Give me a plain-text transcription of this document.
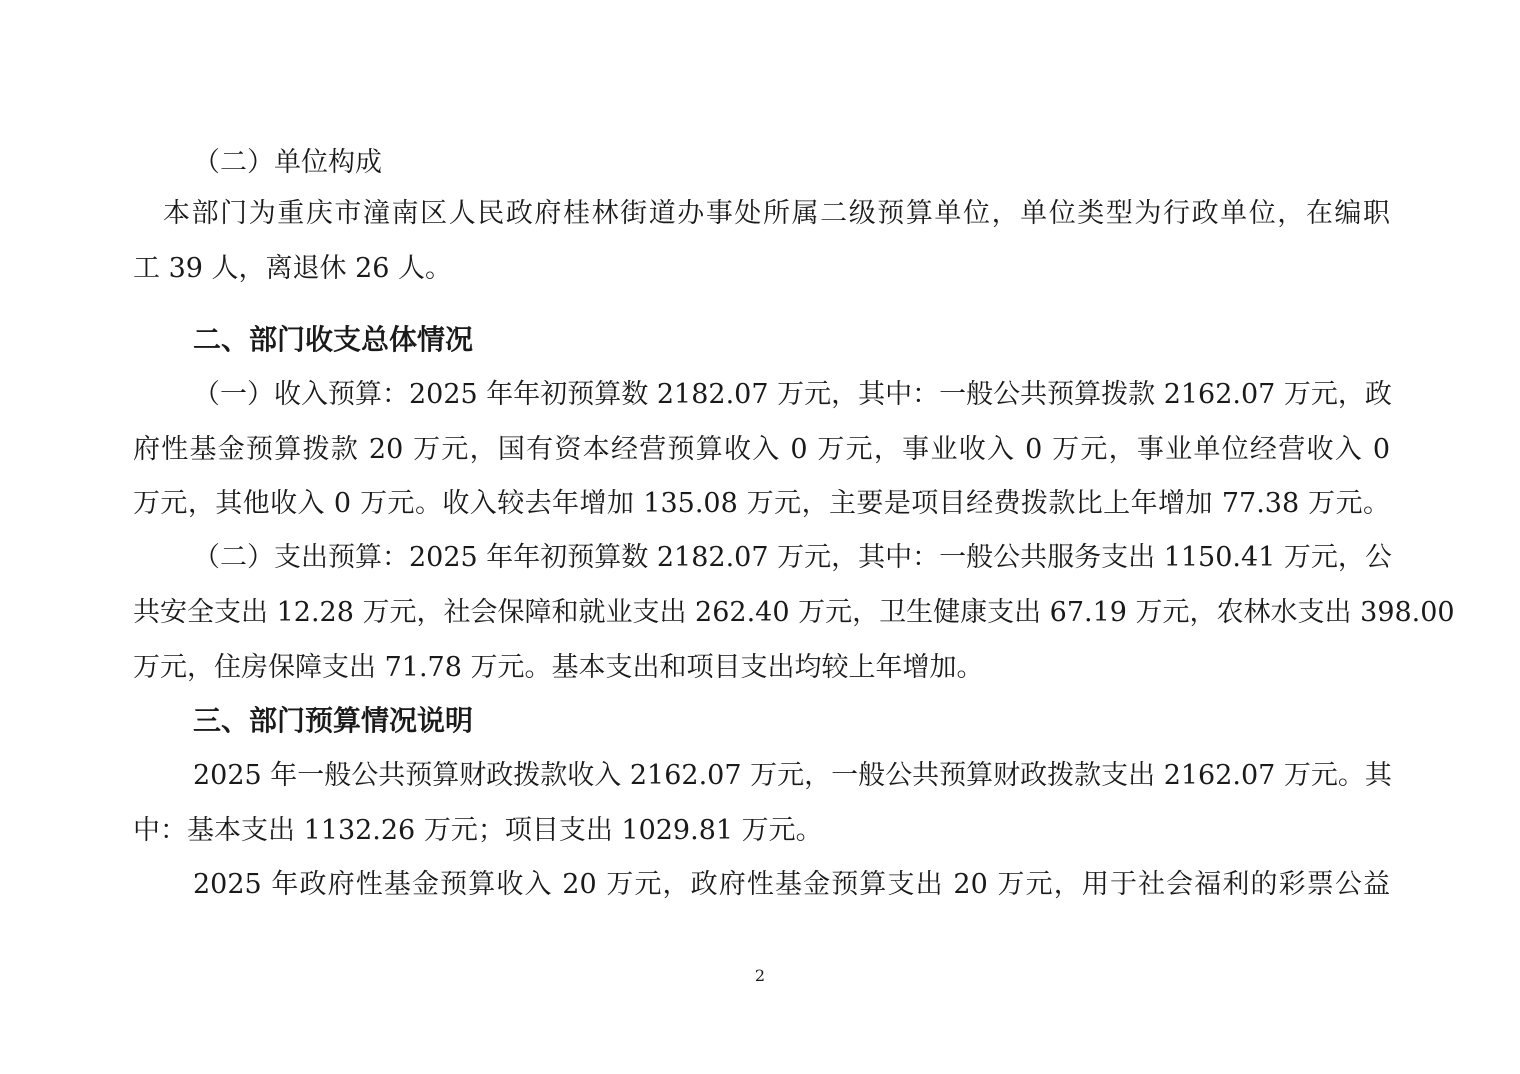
（二）单位构成

本部门为重庆市潼南区人民政府桂林街道办事处所属二级预算单位，单位类型为行政单位，在编职

工 39 人，离退休 26 人。

二、部门收支总体情况

（一）收入预算：2025 年年初预算数 2182.07 万元，其中：一般公共预算拨款 2162.07 万元，政

府性基金预算拨款 20 万元，国有资本经营预算收入 0 万元，事业收入 0 万元，事业单位经营收入 0

万元，其他收入 0 万元。收入较去年增加 135.08 万元，主要是项目经费拨款比上年增加 77.38 万元。

（二）支出预算：2025 年年初预算数 2182.07 万元，其中：一般公共服务支出 1150.41 万元，公

共安全支出 12.28 万元，社会保障和就业支出 262.40 万元，卫生健康支出 67.19 万元，农林水支出 398.00

万元，住房保障支出 71.78 万元。基本支出和项目支出均较上年增加。

三、部门预算情况说明

2025 年一般公共预算财政拨款收入 2162.07 万元，一般公共预算财政拨款支出 2162.07 万元。其

中：基本支出 1132.26 万元；项目支出 1029.81 万元。

2025 年政府性基金预算收入 20 万元，政府性基金预算支出 20 万元，用于社会福利的彩票公益

2
